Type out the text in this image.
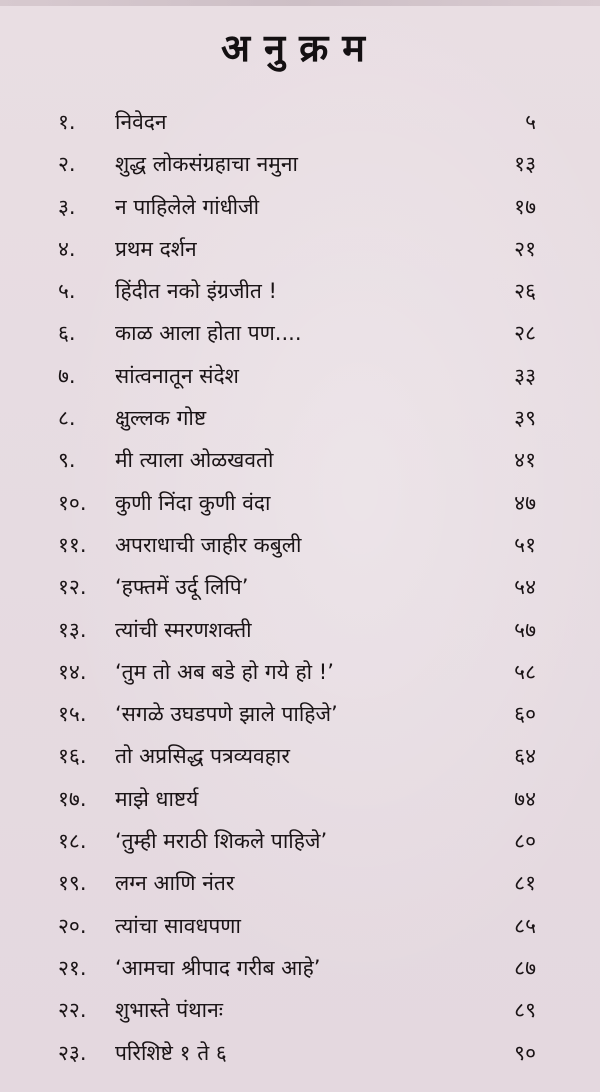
अनुक्रम
१.	निवेदन	५
२.	शुद्ध लोकसंग्रहाचा नमुना	१३
३.	न पाहिलेले गांधीजी	१७
४.	प्रथम दर्शन	२१
५.	हिंदीत नको इंग्रजीत !	२६
६.	काळ आला होता पण....	२८
७.	सांत्वनातून संदेश	३३
८.	क्षुल्लक गोष्ट	३९
९.	मी त्याला ओळखवतो	४१
१०.	कुणी निंदा कुणी वंदा	४७
११.	अपराधाची जाहीर कबुली	५१
१२.	‘हफ्तमें उर्दू लिपि’	५४
१३.	त्यांची स्मरणशक्ती	५७
१४.	‘तुम तो अब बडे हो गये हो !’	५८
१५.	‘सगळे उघडपणे झाले पाहिजे’	६०
१६.	तो अप्रसिद्ध पत्रव्यवहार	६४
१७.	माझे धाष्टर्य	७४
१८.	‘तुम्ही मराठी शिकले पाहिजे’	८०
१९.	लग्न आणि नंतर	८१
२०.	त्यांचा सावधपणा	८५
२१.	‘आमचा श्रीपाद गरीब आहे’	८७
२२.	शुभास्ते पंथानः	८९
२३.	परिशिष्टे १ ते ६	९०
